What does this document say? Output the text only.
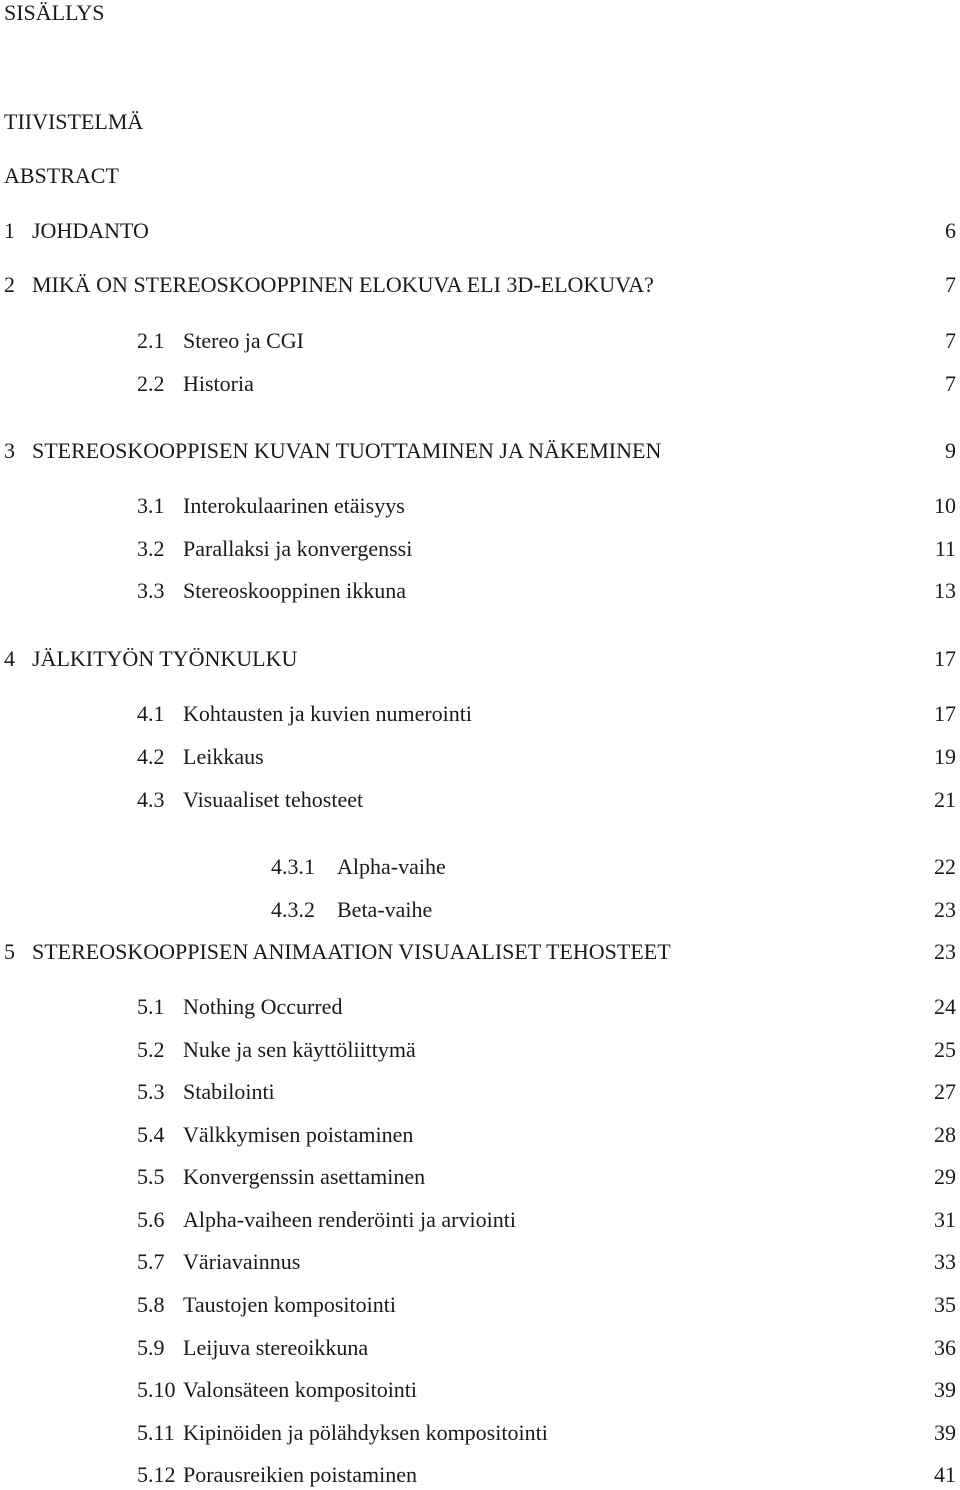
SISÄLLYS
TIIVISTELMÄ
ABSTRACT
1 JOHDANTO	6
2 MIKÄ ON STEREOSKOOPPINEN ELOKUVA ELI 3D-ELOKUVA?	7
2.1 Stereo ja CGI	7
2.2 Historia	7
3 STEREOSKOOPPISEN KUVAN TUOTTAMINEN JA NÄKEMINEN	9
3.1 Interokulaarinen etäisyys	10
3.2 Parallaksi ja konvergenssi	11
3.3 Stereoskooppinen ikkuna	13
4 JÄLKITYÖN TYÖNKULKU	17
4.1 Kohtausten ja kuvien numerointi	17
4.2 Leikkaus	19
4.3 Visuaaliset tehosteet	21
4.3.1 Alpha-vaihe	22
4.3.2 Beta-vaihe	23
5 STEREOSKOOPPISEN ANIMAATION VISUAALISET TEHOSTEET	23
5.1 Nothing Occurred	24
5.2 Nuke ja sen käyttöliittymä	25
5.3 Stabilointi	27
5.4 Välkkymisen poistaminen	28
5.5 Konvergenssin asettaminen	29
5.6 Alpha-vaiheen renderöinti ja arviointi	31
5.7 Väriavainnus	33
5.8 Taustojen kompositointi	35
5.9 Leijuva stereoikkuna	36
5.10 Valonsäteen kompositointi	39
5.11 Kipinöiden ja pölähdyksen kompositointi	39
5.12 Porausreikien poistaminen	41
